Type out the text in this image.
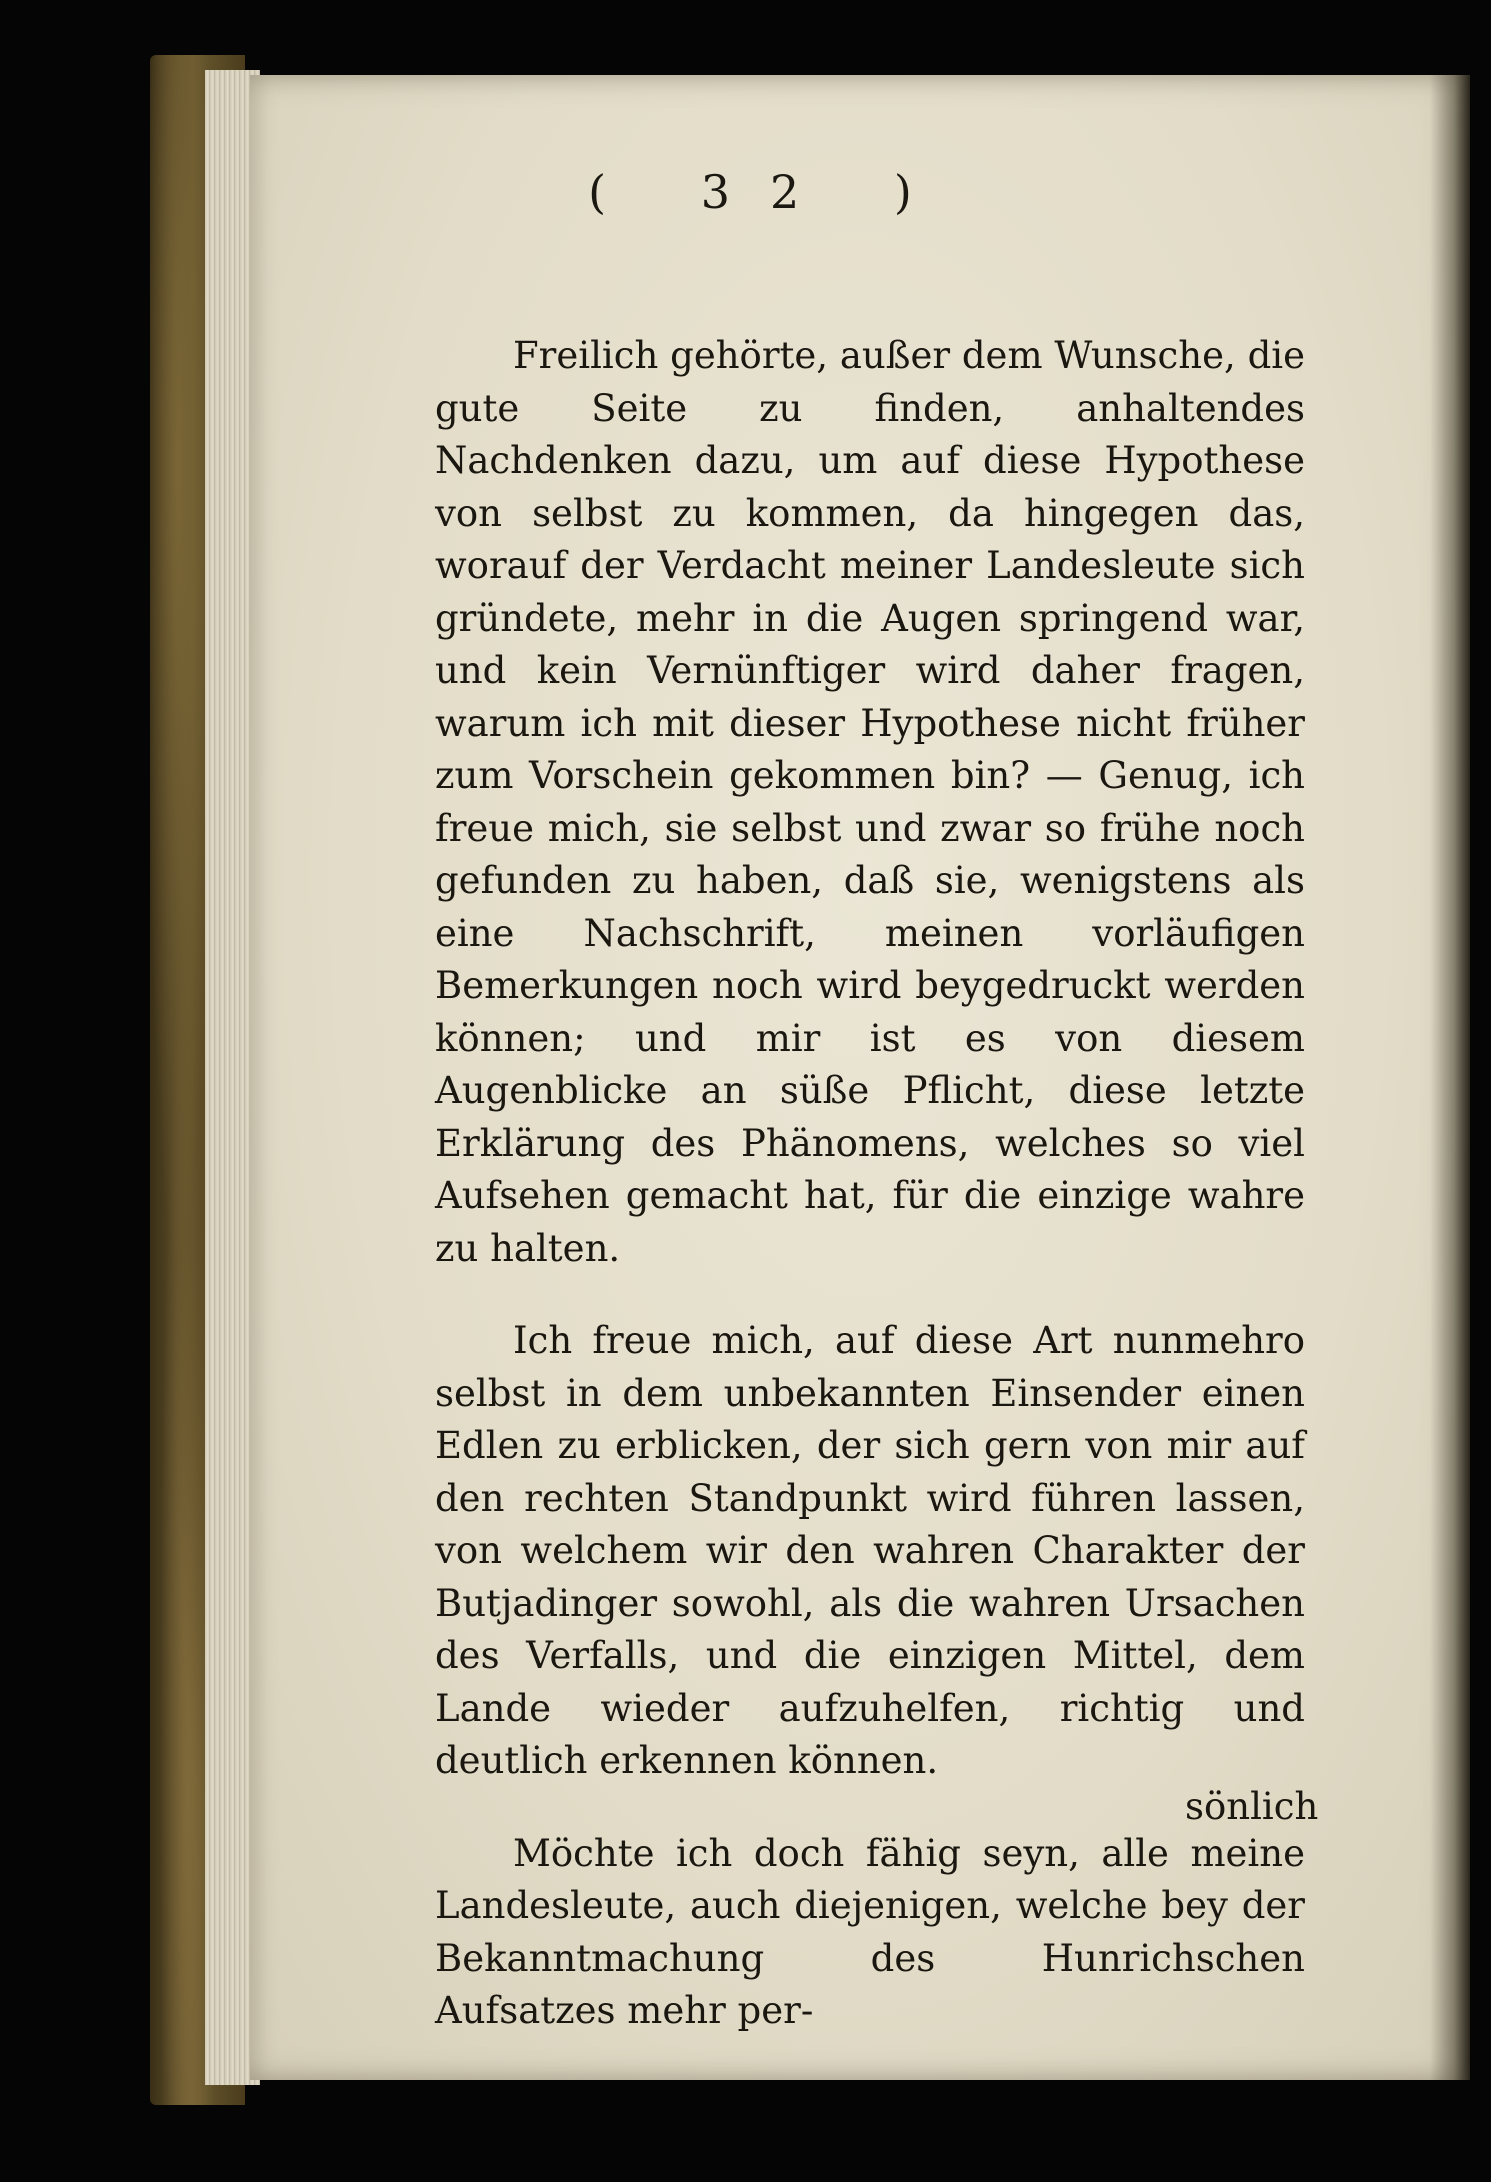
( 32 )

Freilich gehörte, außer dem Wunsche, die gute Seite zu finden, anhaltendes Nachdenken dazu, um auf diese Hypothese von selbst zu kommen, da hingegen das, worauf der Verdacht meiner Landesleute sich gründete, mehr in die Augen springend war, und kein Vernünftiger wird daher fragen, warum ich mit dieser Hypothese nicht früher zum Vorschein gekommen bin? — Genug, ich freue mich, sie selbst und zwar so frühe noch gefunden zu haben, daß sie, wenigstens als eine Nachschrift, meinen vorläufigen Bemerkungen noch wird beygedruckt werden können; und mir ist es von diesem Augenblicke an süße Pflicht, diese letzte Erklärung des Phänomens, welches so viel Aufsehen gemacht hat, für die einzige wahre zu halten.

Ich freue mich, auf diese Art nunmehro selbst in dem unbekannten Einsender einen Edlen zu erblicken, der sich gern von mir auf den rechten Standpunkt wird führen lassen, von welchem wir den wahren Charakter der Butjadinger sowohl, als die wahren Ursachen des Verfalls, und die einzigen Mittel, dem Lande wieder aufzuhelfen, richtig und deutlich erkennen können.

Möchte ich doch fähig seyn, alle meine Landesleute, auch diejenigen, welche bey der Bekanntmachung des Hunrichschen Aufsatzes mehr per-

sönlich
